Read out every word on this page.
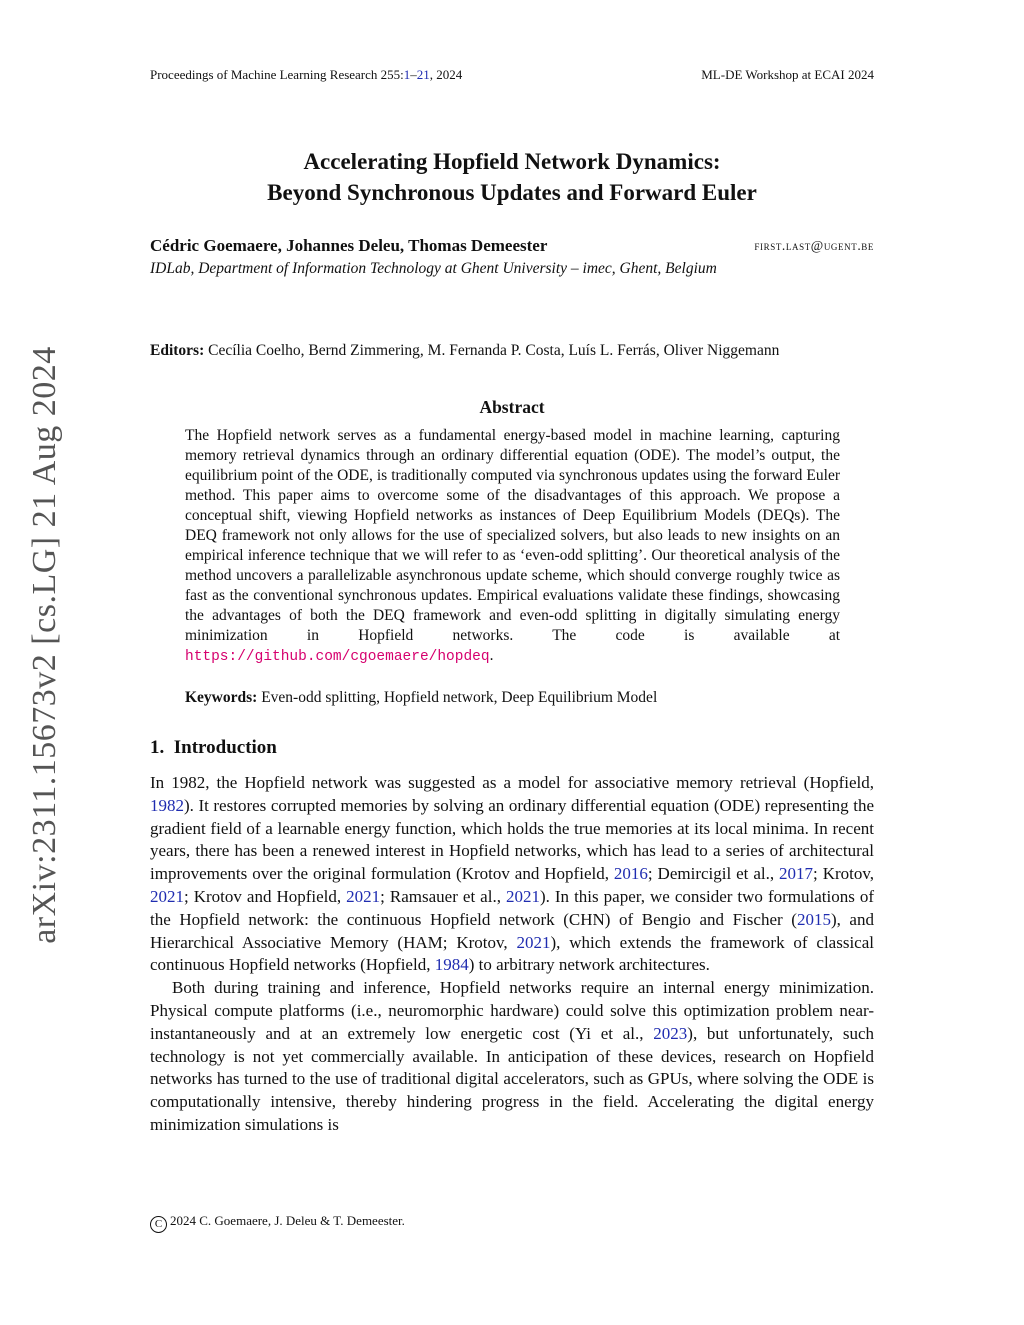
Proceedings of Machine Learning Research 255:1–21, 2024	ML-DE Workshop at ECAI 2024
Accelerating Hopfield Network Dynamics:
Beyond Synchronous Updates and Forward Euler
Cédric Goemaere, Johannes Deleu, Thomas Demeester	first.last@ugent.be
IDLab, Department of Information Technology at Ghent University – imec, Ghent, Belgium
Editors: Cecília Coelho, Bernd Zimmering, M. Fernanda P. Costa, Luís L. Ferrás, Oliver Niggemann
Abstract
The Hopfield network serves as a fundamental energy-based model in machine learning, capturing memory retrieval dynamics through an ordinary differential equation (ODE). The model’s output, the equilibrium point of the ODE, is traditionally computed via synchronous updates using the forward Euler method. This paper aims to overcome some of the disadvantages of this approach. We propose a conceptual shift, viewing Hopfield networks as instances of Deep Equilibrium Models (DEQs). The DEQ framework not only allows for the use of specialized solvers, but also leads to new insights on an empirical inference technique that we will refer to as ‘even-odd splitting’. Our theoretical analysis of the method uncovers a parallelizable asynchronous update scheme, which should converge roughly twice as fast as the conventional synchronous updates. Empirical evaluations validate these findings, showcasing the advantages of both the DEQ framework and even-odd splitting in digitally simulating energy minimization in Hopfield networks. The code is available at https://github.com/cgoemaere/hopdeq.
Keywords: Even-odd splitting, Hopfield network, Deep Equilibrium Model
1. Introduction

In 1982, the Hopfield network was suggested as a model for associative memory retrieval (Hopfield, 1982). It restores corrupted memories by solving an ordinary differential equation (ODE) representing the gradient field of a learnable energy function, which holds the true memories at its local minima. In recent years, there has been a renewed interest in Hopfield networks, which has lead to a series of architectural improvements over the original formulation (Krotov and Hopfield, 2016; Demircigil et al., 2017; Krotov, 2021; Krotov and Hopfield, 2021; Ramsauer et al., 2021). In this paper, we consider two formulations of the Hopfield network: the continuous Hopfield network (CHN) of Bengio and Fischer (2015), and Hierarchical Associative Memory (HAM; Krotov, 2021), which extends the framework of classical continuous Hopfield networks (Hopfield, 1984) to arbitrary network architectures.

Both during training and inference, Hopfield networks require an internal energy minimization. Physical compute platforms (i.e., neuromorphic hardware) could solve this optimization problem near-instantaneously and at an extremely low energetic cost (Yi et al., 2023), but unfortunately, such technology is not yet commercially available. In anticipation of these devices, research on Hopfield networks has turned to the use of traditional digital accelerators, such as GPUs, where solving the ODE is computationally intensive, thereby hindering progress in the field. Accelerating the digital energy minimization simulations is

C 2024 C. Goemaere, J. Deleu & T. Demeester.
arXiv:2311.15673v2 [cs.LG] 21 Aug 2024
